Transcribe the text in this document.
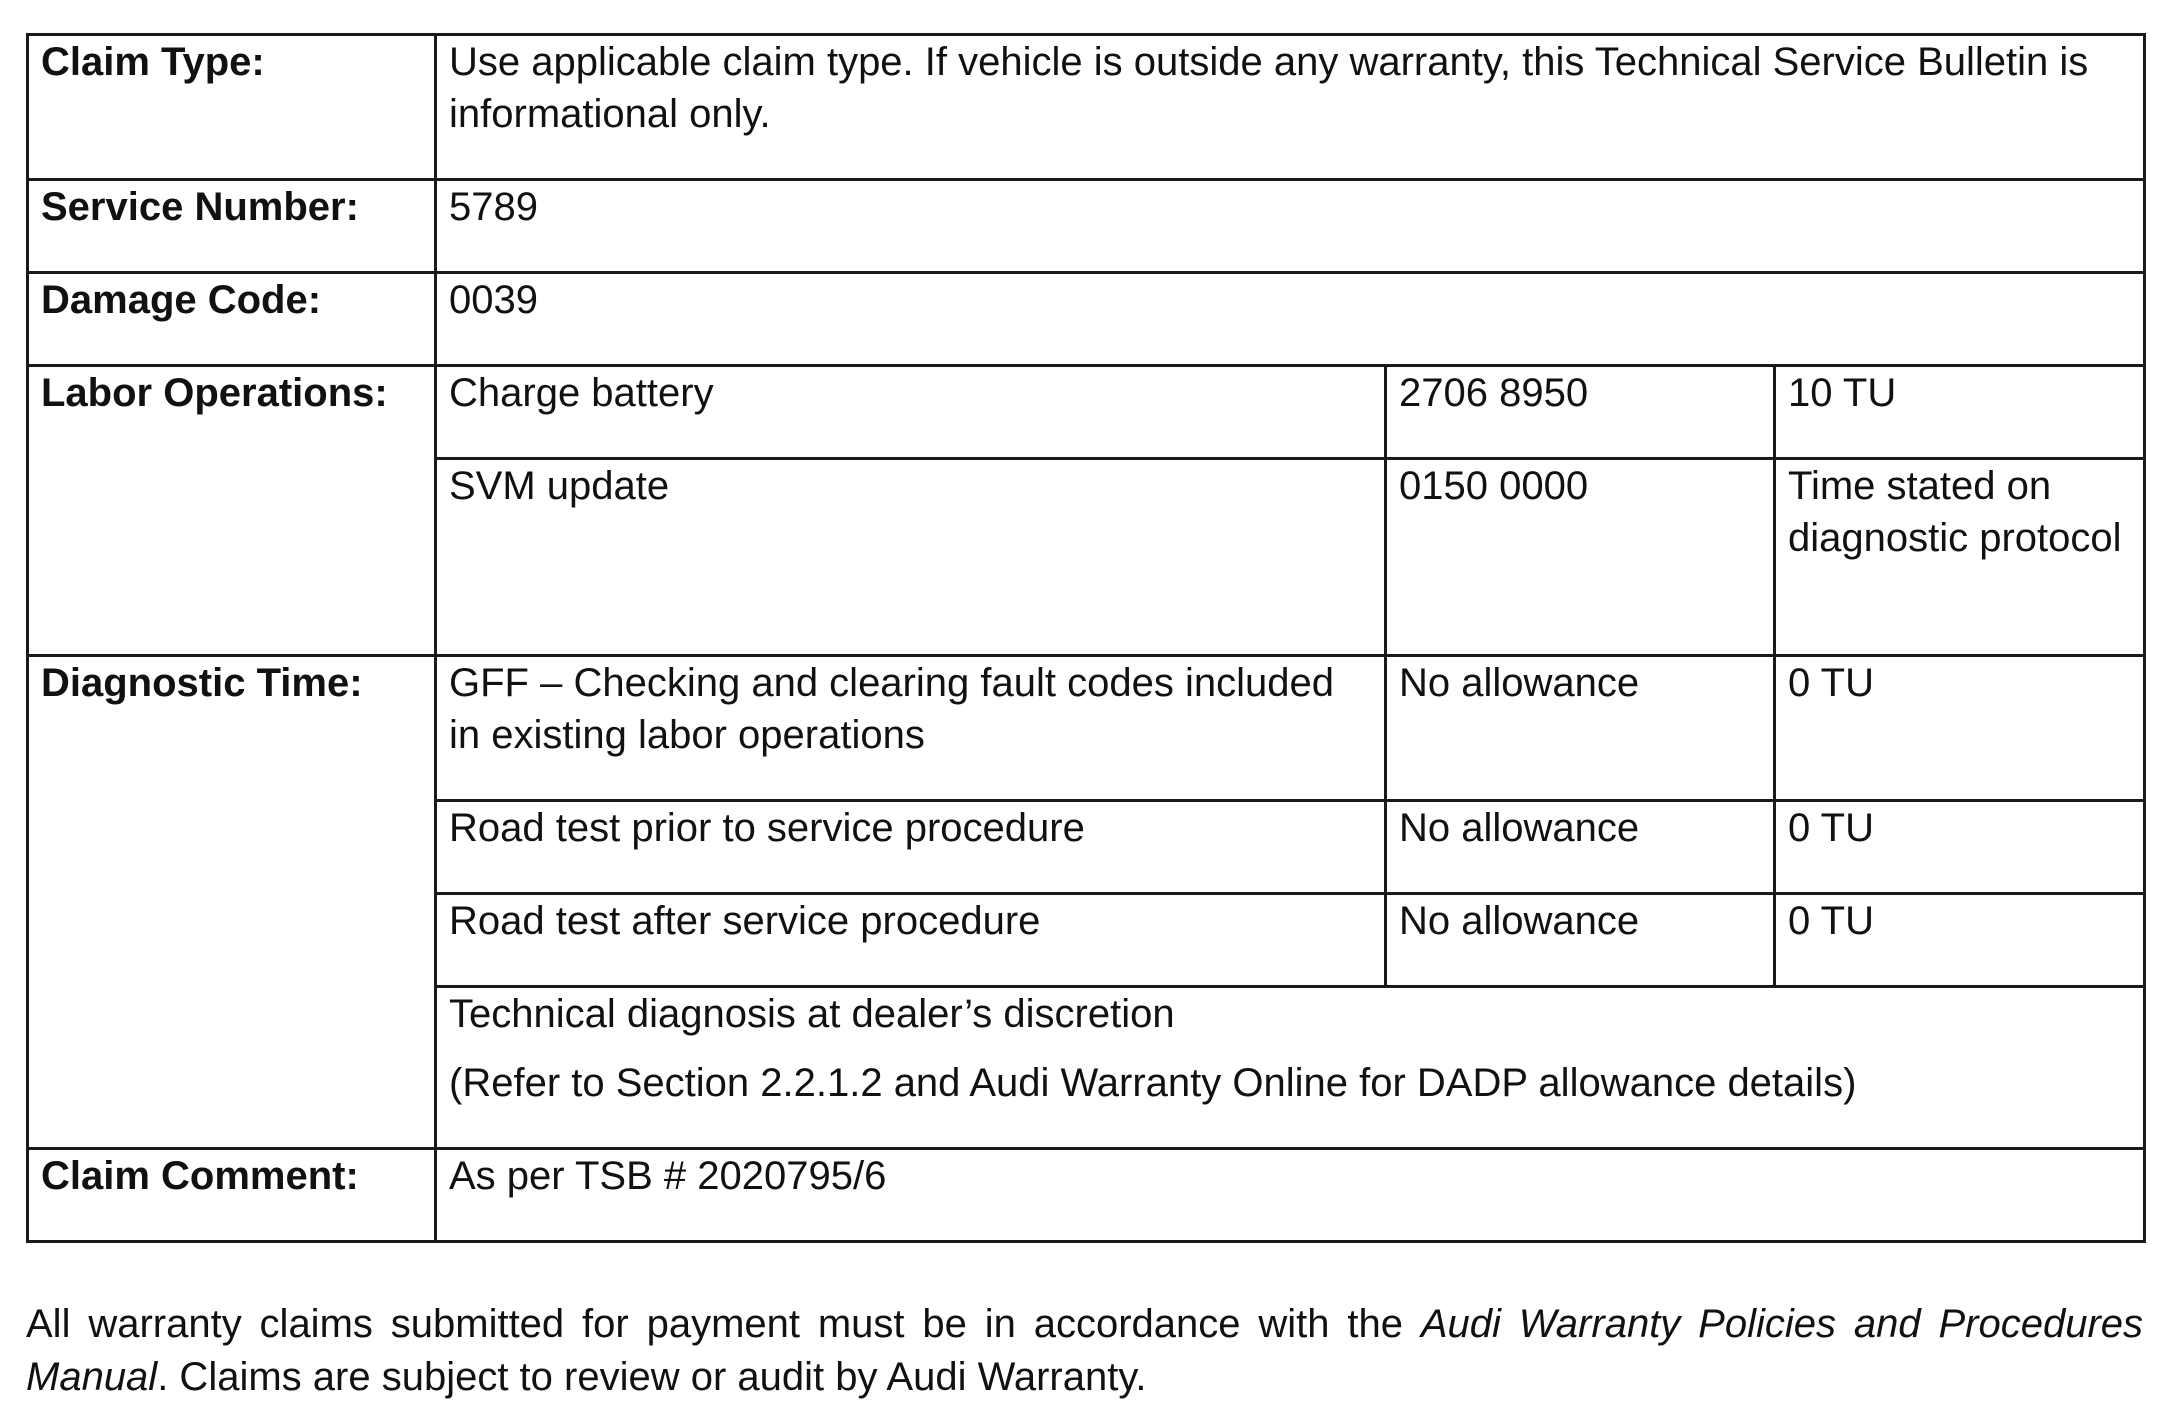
Claim Type:	Use applicable claim type. If vehicle is outside any warranty, this Technical Service Bulletin is informational only.		
Service Number:	5789		
Damage Code:	0039		
Labor Operations:	Charge battery	2706 8950	10 TU
	SVM update	0150 0000	Time stated on diagnostic protocol
Diagnostic Time:	GFF – Checking and clearing fault codes included in existing labor operations	No allowance	0 TU
	Road test prior to service procedure	No allowance	0 TU
	Road test after service procedure	No allowance	0 TU

	Technical diagnosis at dealer’s discretion
(Refer to Section 2.2.1.2 and Audi Warranty Online for DADP allowance details)		

Claim Comment:	As per TSB # 2020795/6		

All warranty claims submitted for payment must be in accordance with the Audi Warranty Policies and Procedures Manual. Claims are subject to review or audit by Audi Warranty.
